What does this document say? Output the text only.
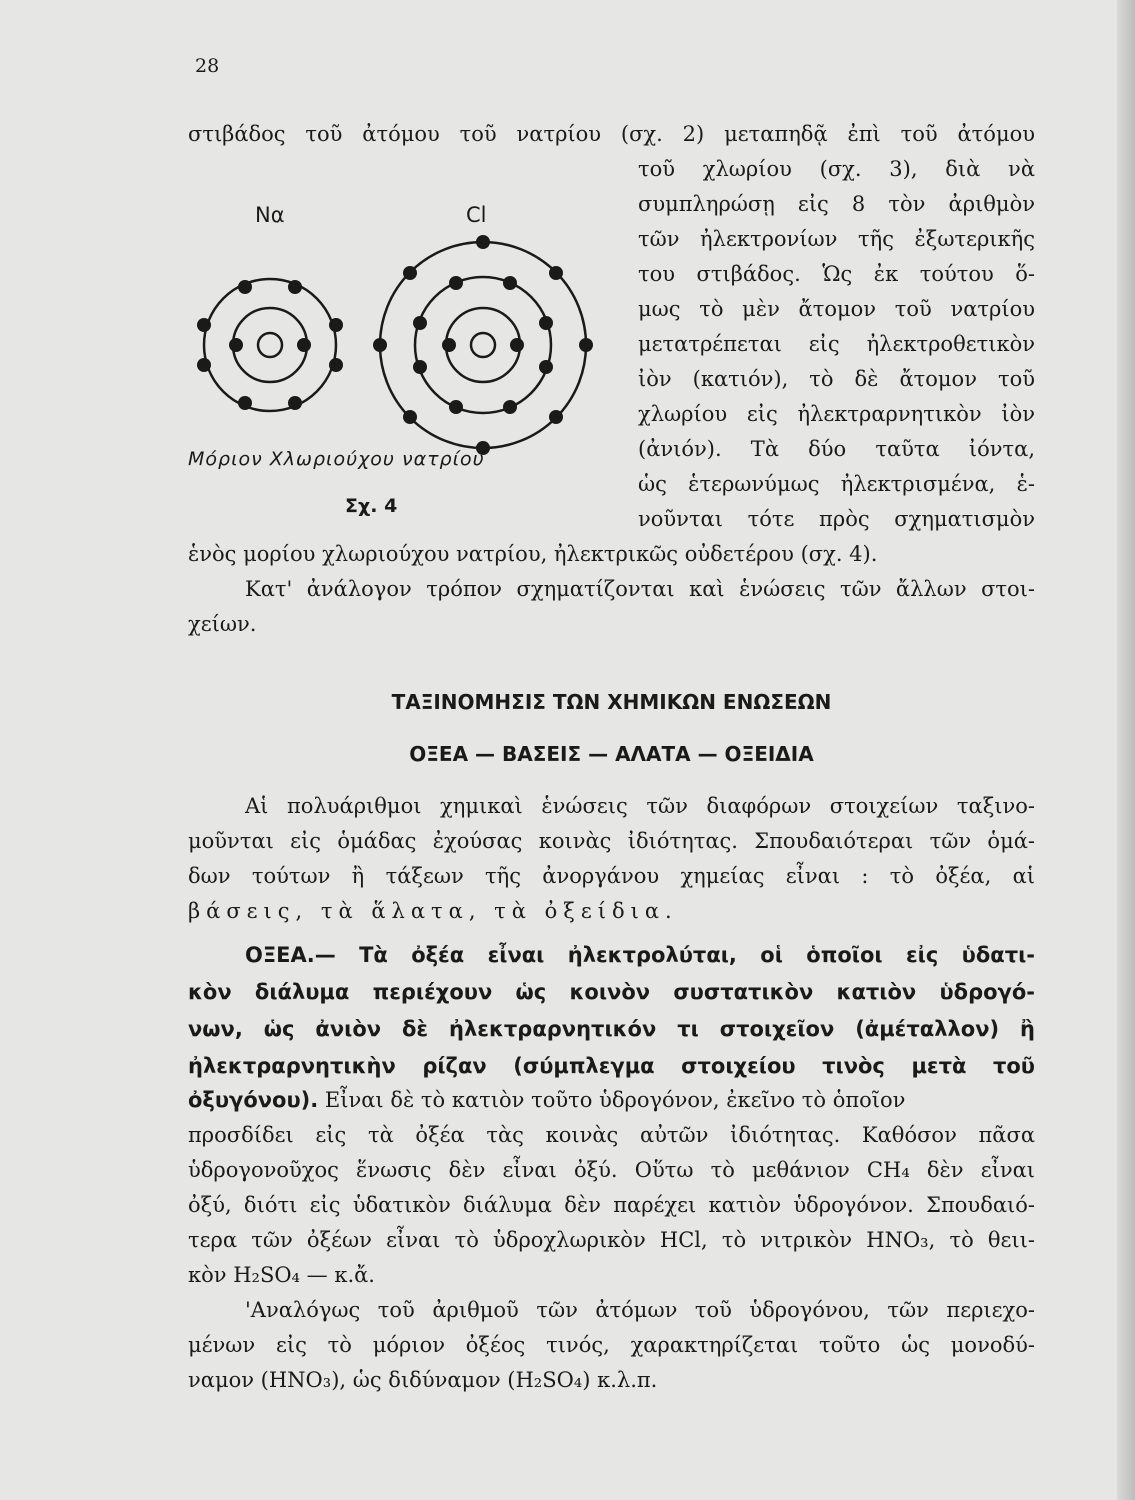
28
Nα	Cl
Μόριον Χλωριούχου νατρίου
Σχ. 4
στιβάδος τοῦ ἀτόμου τοῦ νατρίου (σχ. 2) μεταπηδᾷ ἐπὶ τοῦ ἀτόμου
τοῦ χλωρίου (σχ. 3), διὰ νὰ
συμπληρώσῃ εἰς 8 τὸν ἀριθμὸν
τῶν ἠλεκτρονίων τῆς ἐξωτερικῆς
του στιβάδος. Ὡς ἐκ τούτου ὅ-
μως τὸ μὲν ἄτομον τοῦ νατρίου
μετατρέπεται εἰς ἠλεκτροθετικὸν
ἰὸν (κατιόν), τὸ δὲ ἄτομον τοῦ
χλωρίου εἰς ἠλεκτραρνητικὸν ἰὸν
(ἀνιόν). Τὰ δύο ταῦτα ἰόντα,
ὡς ἑτερωνύμως ἠλεκτρισμένα, ἑ-
νοῦνται τότε πρὸς σχηματισμὸν
ἑνὸς μορίου χλωριούχου νατρίου, ἠλεκτρικῶς οὐδετέρου (σχ. 4).
Κατ' ἀνάλογον τρόπον σχηματίζονται καὶ ἑνώσεις τῶν ἄλλων στοι-
χείων.
ΤΑΞΙΝΟΜΗΣΙΣ ΤΩΝ ΧΗΜΙΚΩΝ ΕΝΩΣΕΩΝ
ΟΞΕΑ — ΒΑΣΕΙΣ — ΑΛΑΤΑ — ΟΞΕΙΔΙΑ
Αἱ πολυάριθμοι χημικαὶ ἑνώσεις τῶν διαφόρων στοιχείων ταξινο-
μοῦνται εἰς ὁμάδας ἐχούσας κοινὰς ἰδιότητας. Σπουδαιότεραι τῶν ὁμά-
δων τούτων ἢ τάξεων τῆς ἀνοργάνου χημείας εἶναι : τὸ ὀξέα, αἱ
βάσεις, τὰ ἅλατα, τὰ ὀξείδια.
ΟΞΕΑ.— Τὰ ὀξέα εἶναι ἠλεκτρολύται, οἱ ὁποῖοι εἰς ὑδατι-
κὸν διάλυμα περιέχουν ὡς κοινὸν συστατικὸν κατιὸν ὑδρογό-
νων, ὡς ἀνιὸν δὲ ἠλεκτραρνητικόν τι στοιχεῖον (ἀμέταλλον) ἢ
ἠλεκτραρνητικὴν ρίζαν (σύμπλεγμα στοιχείου τινὸς μετὰ τοῦ
ὀξυγόνου). Εἶναι δὲ τὸ κατιὸν τοῦτο ὑδρογόνον, ἐκεῖνο τὸ ὁποῖον
προσδίδει εἰς τὰ ὀξέα τὰς κοινὰς αὐτῶν ἰδιότητας. Καθόσον πᾶσα
ὑδρογονοῦχος ἕνωσις δὲν εἶναι ὀξύ. Οὕτω τὸ μεθάνιον CH₄ δὲν εἶναι
ὀξύ, διότι εἰς ὑδατικὸν διάλυμα δὲν παρέχει κατιὸν ὑδρογόνον. Σπουδαιό-
τερα τῶν ὀξέων εἶναι τὸ ὑδροχλωρικὸν HCl, τὸ νιτρικὸν HNO₃, τὸ θειι-
κὸν H₂SO₄ — κ.ἄ.
'Αναλόγως τοῦ ἀριθμοῦ τῶν ἀτόμων τοῦ ὑδρογόνου, τῶν περιεχο-
μένων εἰς τὸ μόριον ὀξέος τινός, χαρακτηρίζεται τοῦτο ὡς μονοδύ-
ναμον (HNO₃), ὡς διδύναμον (H₂SO₄) κ.λ.π.
